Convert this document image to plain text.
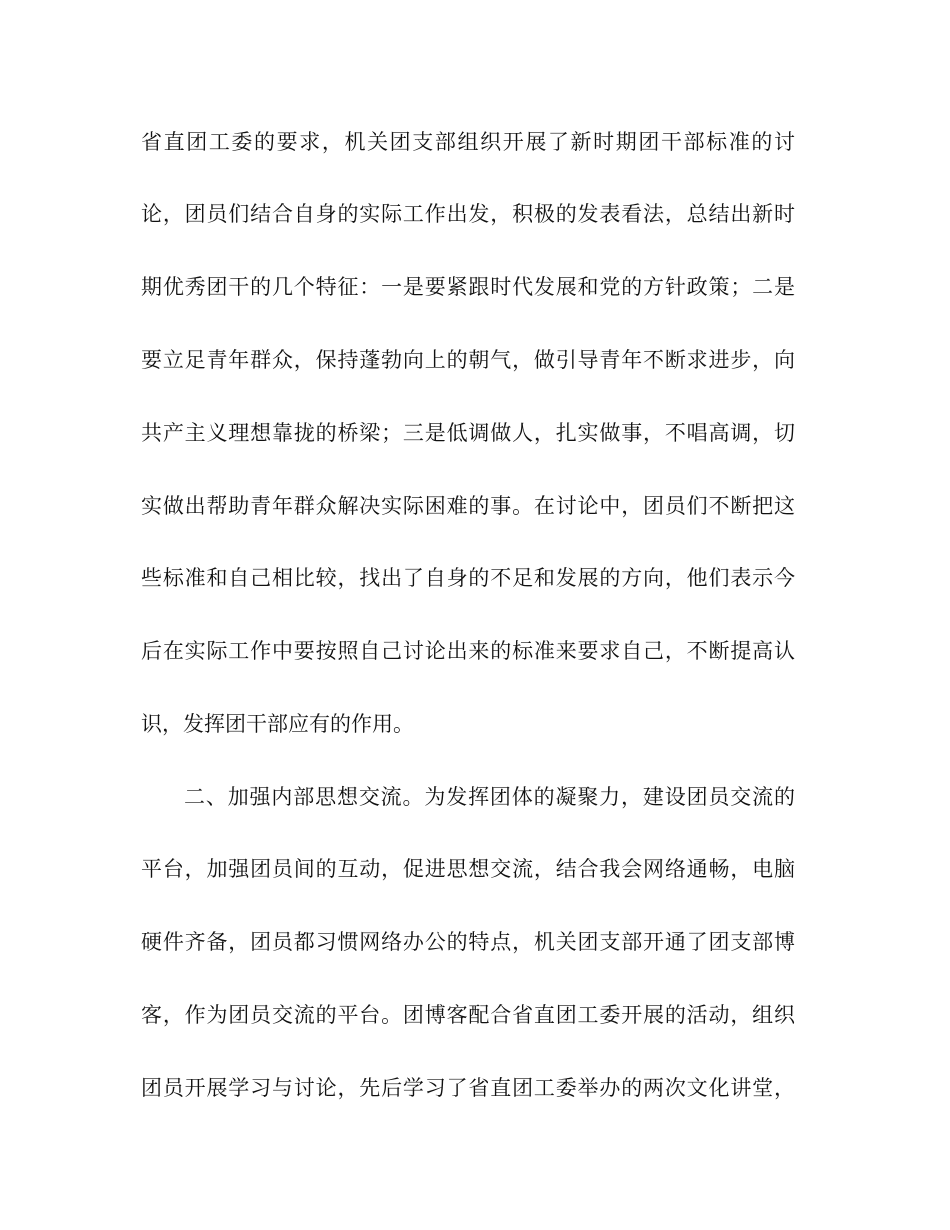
省直团工委的要求，机关团支部组织开展了新时期团干部标准的讨
论，团员们结合自身的实际工作出发，积极的发表看法，总结出新时
期优秀团干的几个特征：一是要紧跟时代发展和党的方针政策；二是
要立足青年群众，保持蓬勃向上的朝气，做引导青年不断求进步，向
共产主义理想靠拢的桥梁；三是低调做人，扎实做事，不唱高调，切
实做出帮助青年群众解决实际困难的事。在讨论中，团员们不断把这
些标准和自己相比较，找出了自身的不足和发展的方向，他们表示今
后在实际工作中要按照自己讨论出来的标准来要求自己，不断提高认
识，发挥团干部应有的作用。
二、加强内部思想交流。为发挥团体的凝聚力，建设团员交流的
平台，加强团员间的互动，促进思想交流，结合我会网络通畅，电脑
硬件齐备，团员都习惯网络办公的特点，机关团支部开通了团支部博
客，作为团员交流的平台。团博客配合省直团工委开展的活动，组织
团员开展学习与讨论，先后学习了省直团工委举办的两次文化讲堂，
